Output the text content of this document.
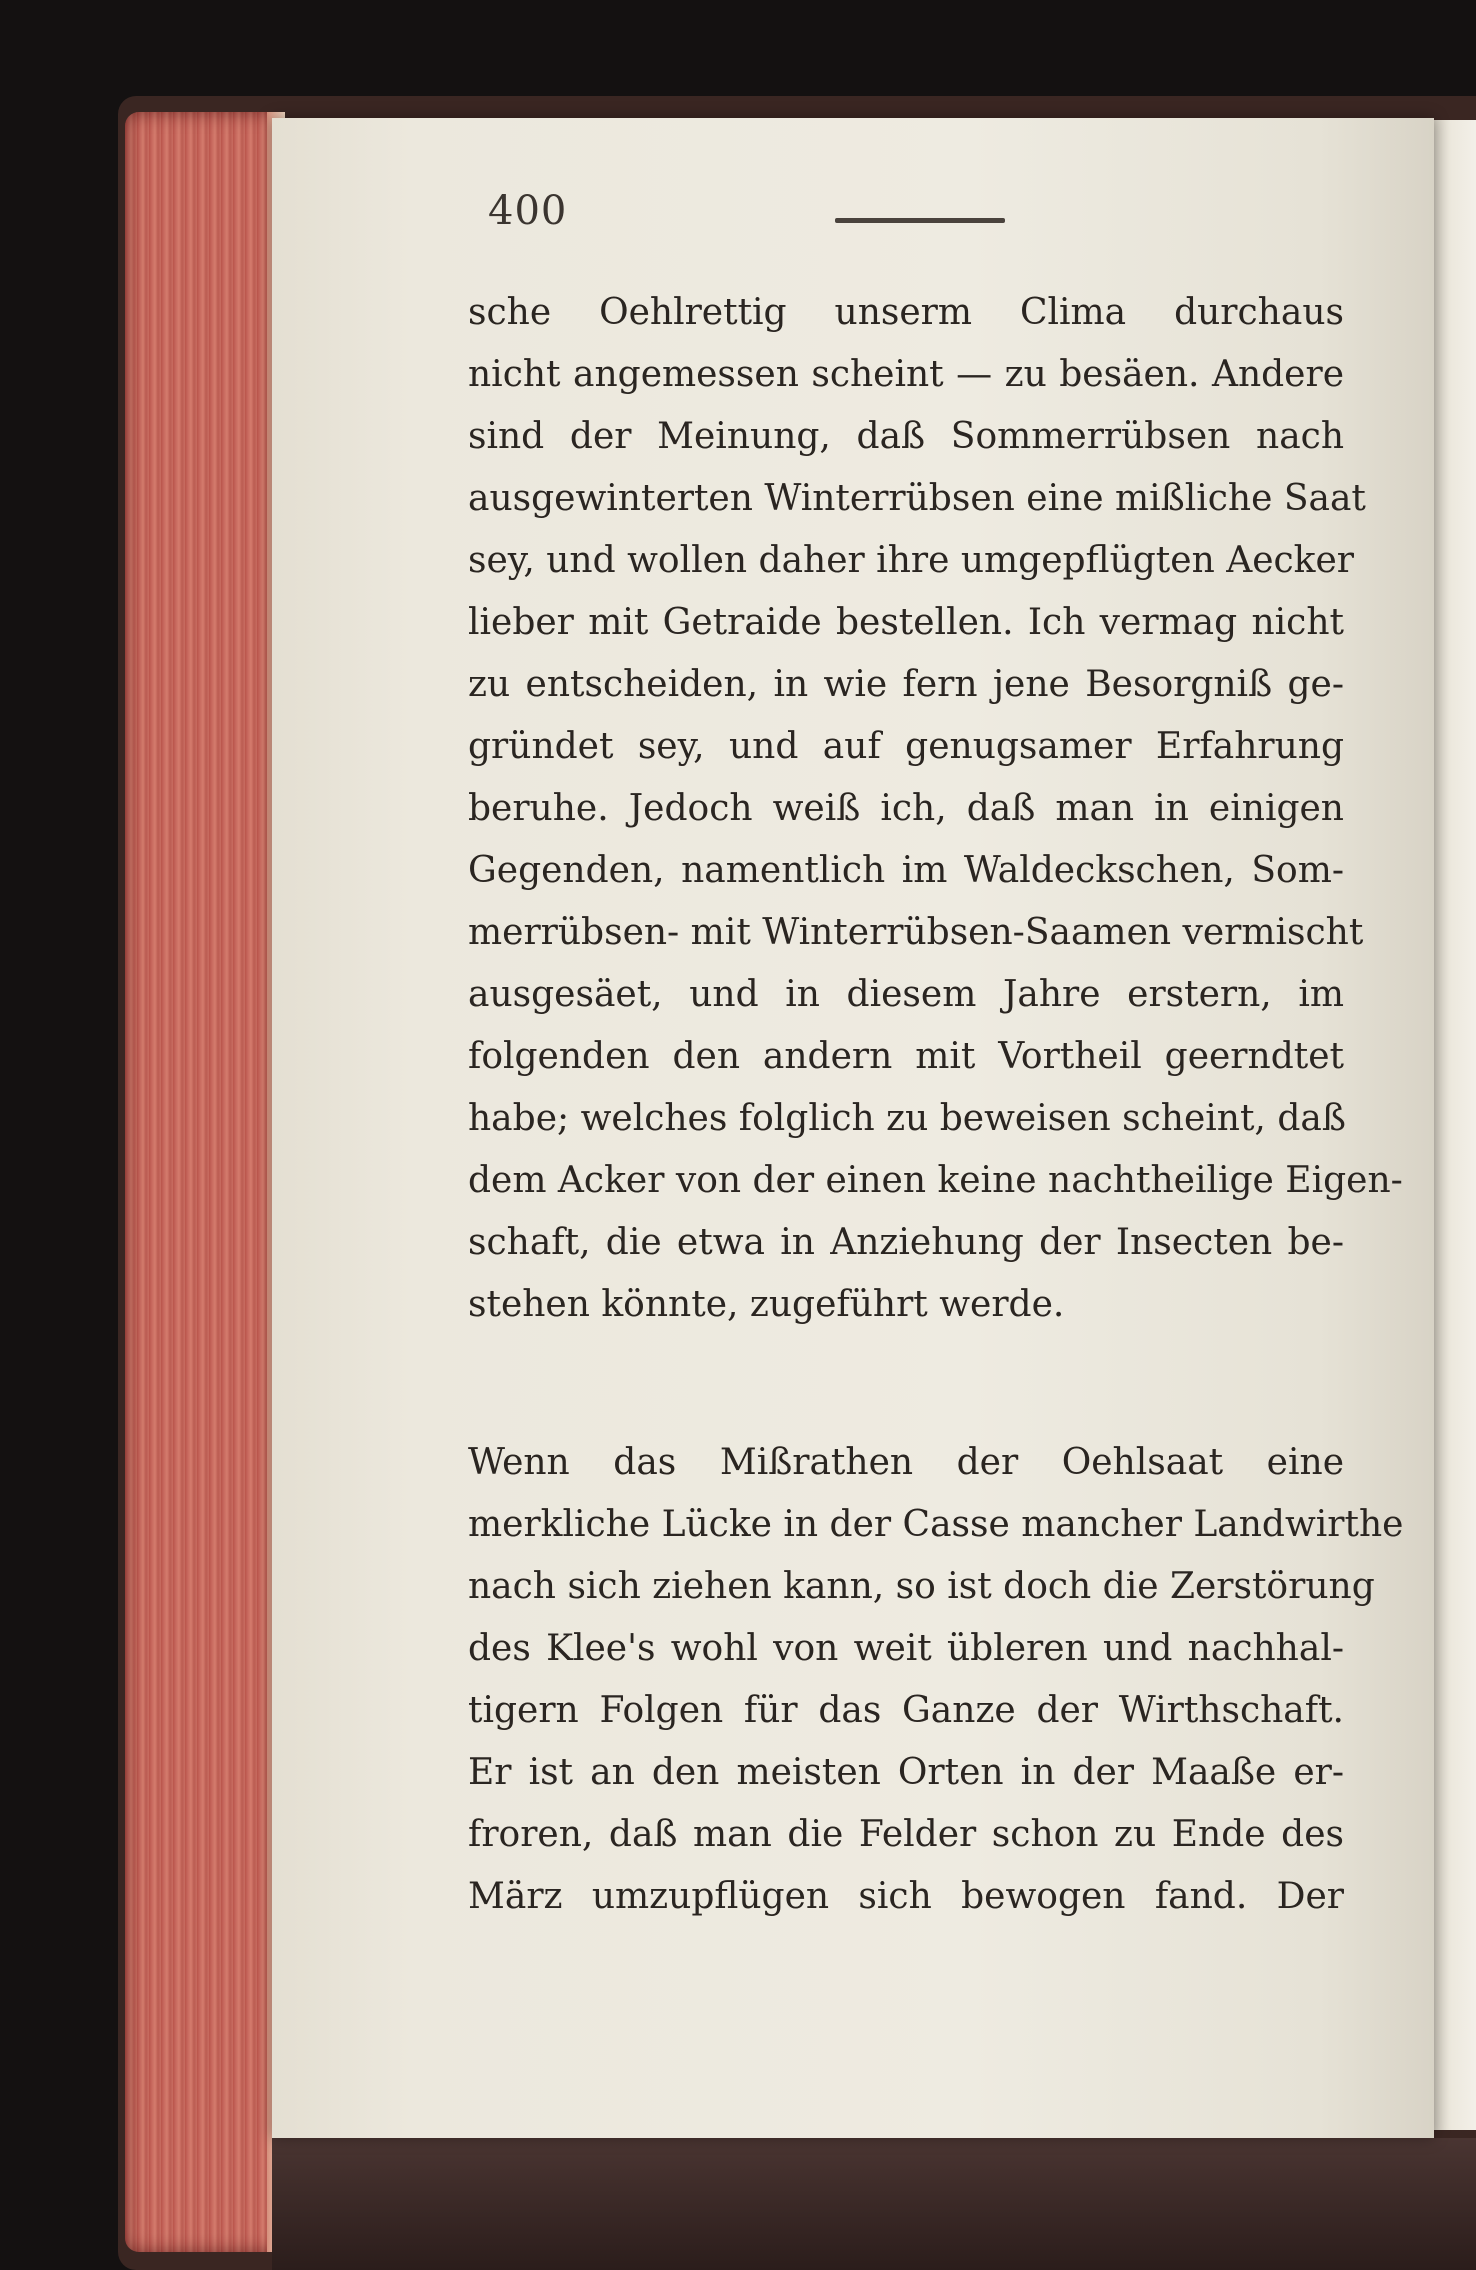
400
sche Oehlrettig unserm Clima durchaus
nicht angemessen scheint — zu besäen. Andere
sind der Meinung, daß Sommerrübsen nach
ausgewinterten Winterrübsen eine mißliche Saat
sey, und wollen daher ihre umgepflügten Aecker
lieber mit Getraide bestellen. Ich vermag nicht
zu entscheiden, in wie fern jene Besorgniß ge-
gründet sey, und auf genugsamer Erfahrung
beruhe. Jedoch weiß ich, daß man in einigen
Gegenden, namentlich im Waldeckschen, Som-
merrübsen- mit Winterrübsen-Saamen vermischt
ausgesäet, und in diesem Jahre erstern, im
folgenden den andern mit Vortheil geerndtet
habe; welches folglich zu beweisen scheint, daß
dem Acker von der einen keine nachtheilige Eigen-
schaft, die etwa in Anziehung der Insecten be-
stehen könnte, zugeführt werde.
Wenn das Mißrathen der Oehlsaat eine
merkliche Lücke in der Casse mancher Landwirthe
nach sich ziehen kann, so ist doch die Zerstörung
des Klee's wohl von weit übleren und nachhal-
tigern Folgen für das Ganze der Wirthschaft.
Er ist an den meisten Orten in der Maaße er-
froren, daß man die Felder schon zu Ende des
März umzupflügen sich bewogen fand. Der
